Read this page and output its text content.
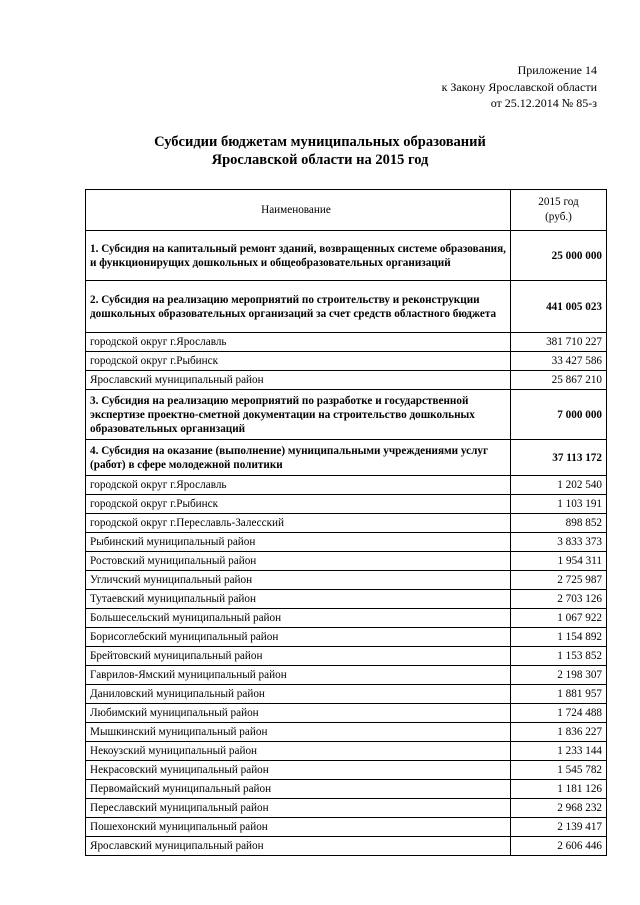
Приложение 14
к Закону Ярославской области
от 25.12.2014 № 85-з
Субсидии бюджетам муниципальных образований
Ярославской области на 2015 год
Наименование	2015 год
(руб.)

1. Субсидия на капитальный ремонт зданий, возвращенных системе образования, и функционирущих дошкольных и общеобразовательных организаций	25 000 000
2. Субсидия на реализацию мероприятий по строительству и реконструкции дошкольных образовательных организаций за счет средств областного бюджета	441 005 023
городской округ г.Ярославль	381 710 227
городской округ г.Рыбинск	33 427 586
Ярославский муниципальный район	25 867 210
3. Субсидия на реализацию мероприятий по разработке и государственной экспертизе проектно-сметной документации на строительство дошкольных образовательных организаций	7 000 000
4. Субсидия на оказание (выполнение) муниципальными учреждениями услуг (работ) в сфере молодежной политики	37 113 172
городской округ г.Ярославль	1 202 540
городской округ г.Рыбинск	1 103 191
городской округ г.Переславль-Залесский	898 852
Рыбинский муниципальный район	3 833 373
Ростовский муниципальный район	1 954 311
Угличский муниципальный район	2 725 987
Тутаевский муниципальный район	2 703 126
Большесельский муниципальный район	1 067 922
Борисоглебский муниципальный район	1 154 892
Брейтовский муниципальный район	1 153 852
Гаврилов-Ямский муниципальный район	2 198 307
Даниловский муниципальный район	1 881 957
Любимский муниципальный район	1 724 488
Мышкинский муниципальный район	1 836 227
Некоузский муниципальный район	1 233 144
Некрасовский муниципальный район	1 545 782
Первомайский муниципальный район	1 181 126
Переславский муниципальный район	2 968 232
Пошехонский муниципальный район	2 139 417
Ярославский муниципальный район	2 606 446
